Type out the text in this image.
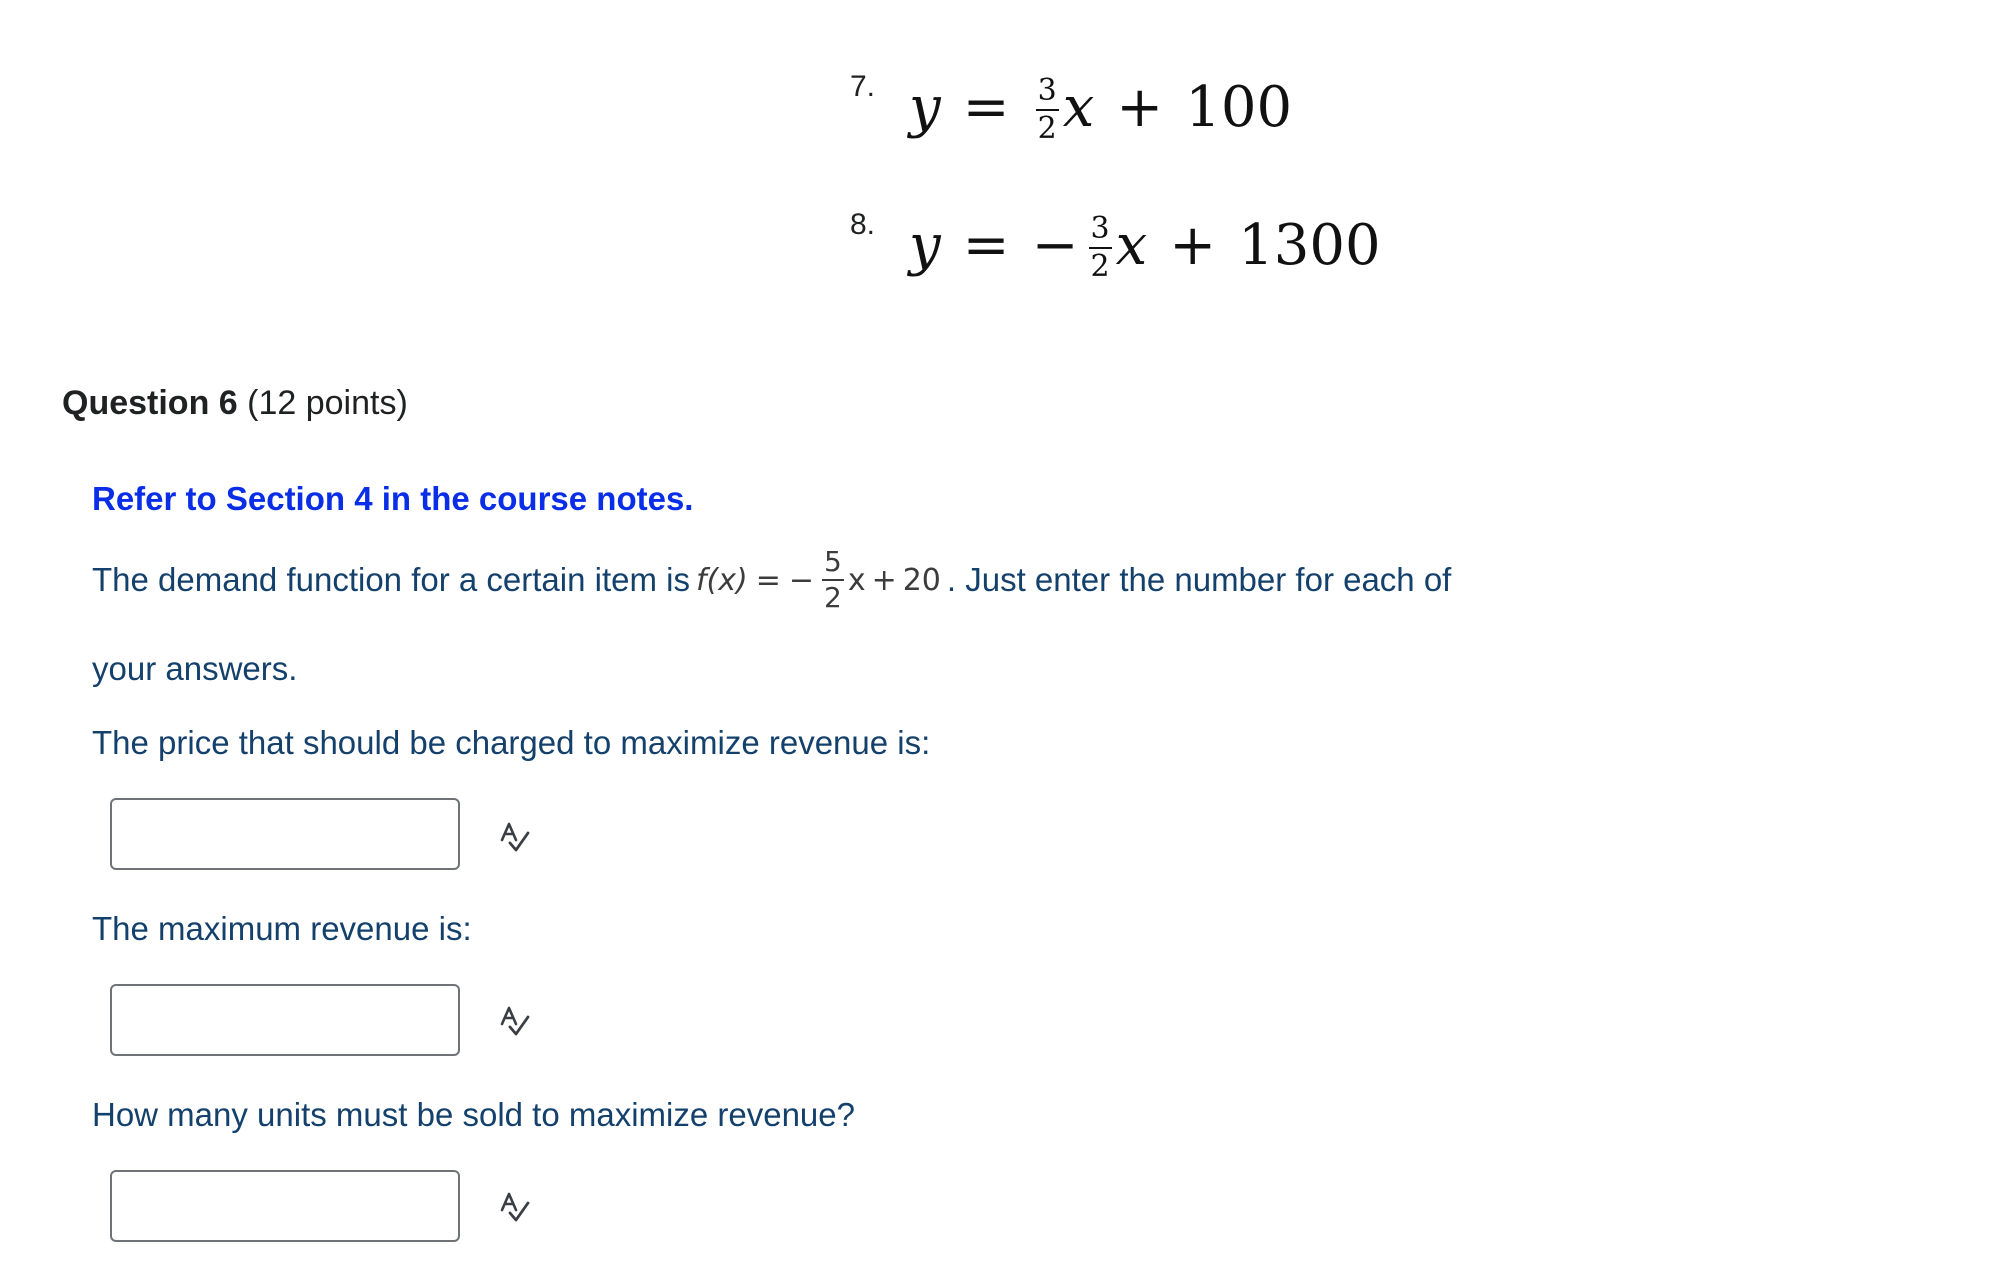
7. $y = \frac{3}{2}$ x + 100
8. y = − $\frac{3}{2}$ x + 1300
Question 6 (12 points)
Refer to Section 4 in the course notes.
The demand function for a certain item is f(x) = − $\frac{5}{2}$ x + 20 . Just enter the number for each of
your answers.
The price that should be charged to maximize revenue is:
The maximum revenue is:
How many units must be sold to maximize revenue?
